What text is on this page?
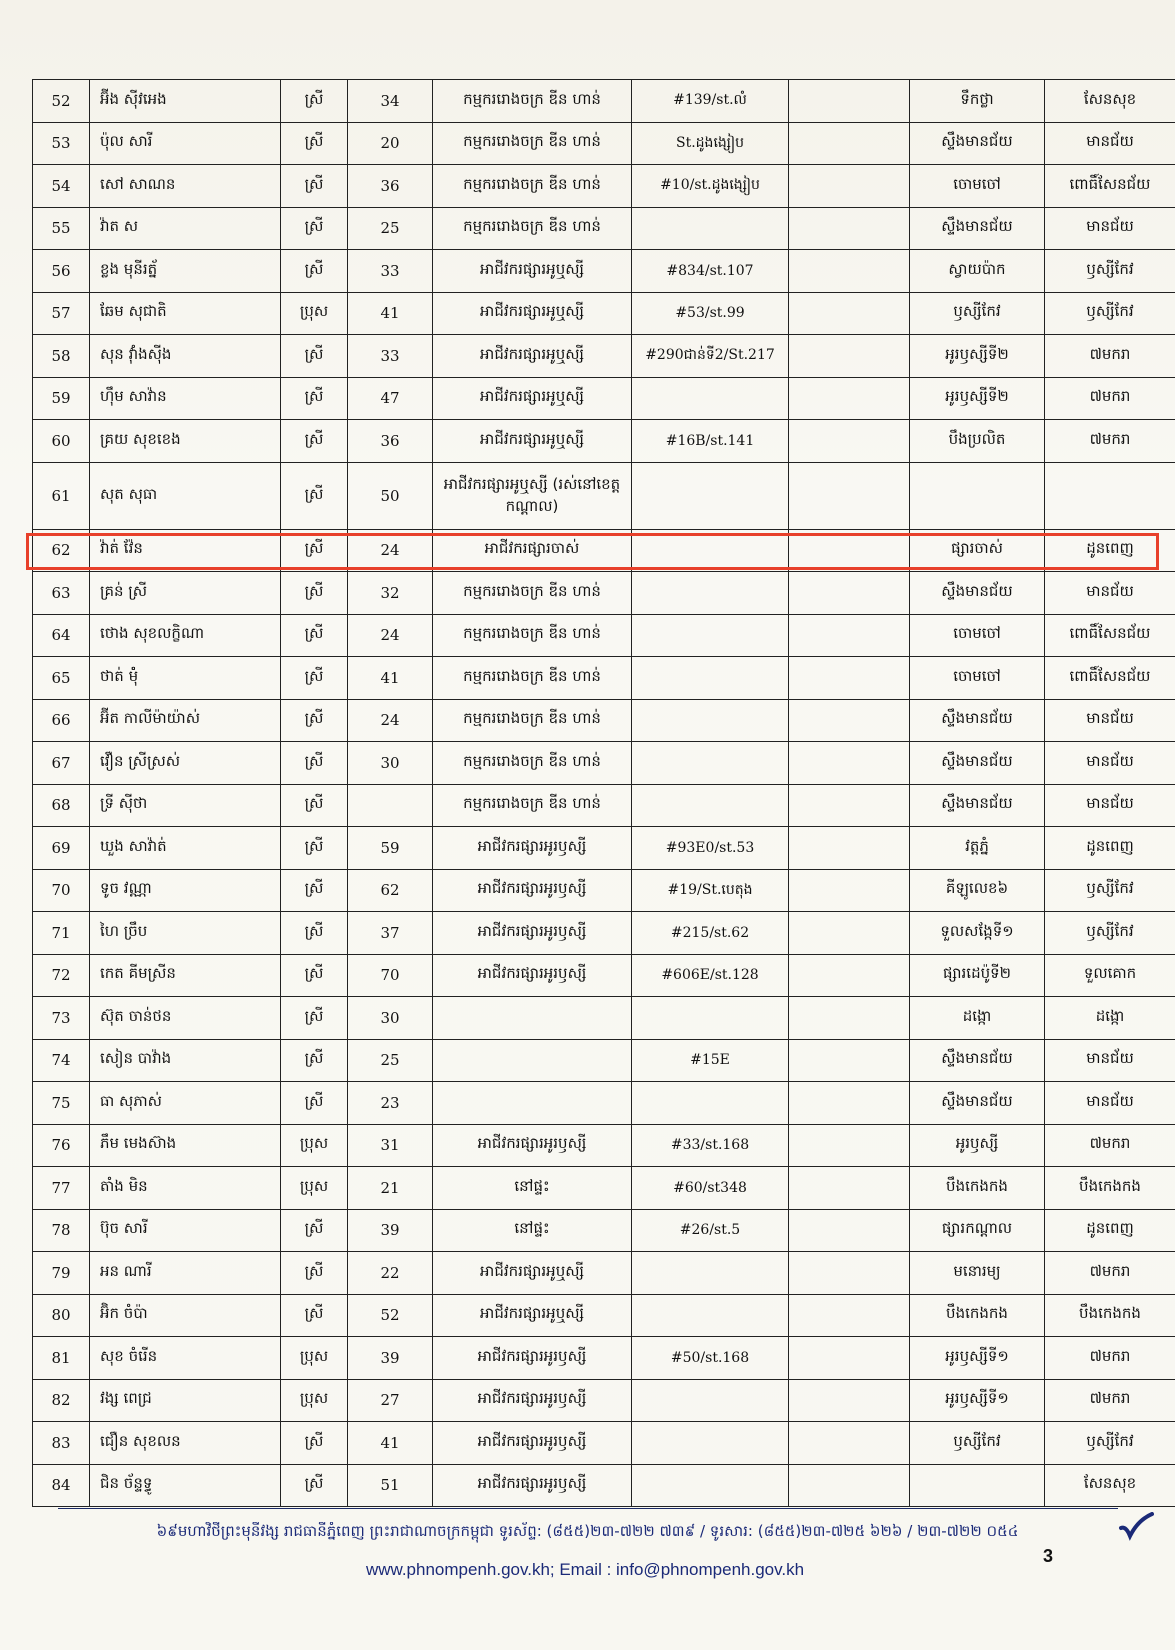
52	អ៊ីង ស៊ីវអេង	ស្រី	34	កម្មកររោងចក្រ ឌីន ហាន់	#139/st.លំ		ទឹកថ្លា	សែនសុខ
53	ប៉ុល សារី	ស្រី	20	កម្មកររោងចក្រ ឌីន ហាន់	St.ដូងង្សៀប		ស្ទឹងមានជ័យ	មានជ័យ
54	សៅ សាណន	ស្រី	36	កម្មកររោងចក្រ ឌីន ហាន់	#10/st.ដូងង្សៀប		ចោមចៅ	ពោធិ៍សែនជ័យ
55	វ៉ាត ស	ស្រី	25	កម្មកររោងចក្រ ឌីន ហាន់			ស្ទឹងមានជ័យ	មានជ័យ
56	ខ្លង មុនីរត្ន័	ស្រី	33	អាជីវករផ្សារអូឬស្សី	#834/st.107		ស្វាយប៉ាក	ឫស្សីកែវ
57	ឆែម សុជាតិ	ប្រុស	41	អាជីវករផ្សារអូឬស្សី	#53/st.99		ឫស្សីកែវ	ឫស្សីកែវ
58	សុន វ៉ាំងស៊ីង	ស្រី	33	អាជីវករផ្សារអូឬស្សី	#290ជាន់ទី2/St.217		អូរឫស្សីទី២	៧មករា
59	ហ៊ឹម សាវ៉ាន	ស្រី	47	អាជីវករផ្សារអូឬស្សី			អូរឫស្សីទី២	៧មករា
60	គ្រយ សុខខេង	ស្រី	36	អាជីវករផ្សារអូឬស្សី	#16B/st.141		បឹងប្រលិត	៧មករា
61	សុត សុធា	ស្រី	50	អាជីវករផ្សារអូឬស្សី (រស់នៅខេត្តកណ្តាល)				
62	វ៉ាត់ វ៉ែន	ស្រី	24	អាជីវករផ្សារចាស់			ផ្សារចាស់	ដូនពេញ
63	គ្រន់ ស្រី	ស្រី	32	កម្មកររោងចក្រ ឌីន ហាន់			ស្ទឹងមានជ័យ	មានជ័យ
64	ថោង សុខលក្ខិណា	ស្រី	24	កម្មកររោងចក្រ ឌីន ហាន់			ចោមចៅ	ពោធិ៍សែនជ័យ
65	ថាត់ ម៉ុំ	ស្រី	41	កម្មកររោងចក្រ ឌីន ហាន់			ចោមចៅ	ពោធិ៍សែនជ័យ
66	អ៊ីត កាលីម៉ាយ៉ាស់	ស្រី	24	កម្មកររោងចក្រ ឌីន ហាន់			ស្ទឹងមានជ័យ	មានជ័យ
67	វឿន ស្រីស្រស់	ស្រី	30	កម្មកររោងចក្រ ឌីន ហាន់			ស្ទឹងមានជ័យ	មានជ័យ
68	ទ្រី ស៊ីថា	ស្រី		កម្មកររោងចក្រ ឌីន ហាន់			ស្ទឹងមានជ័យ	មានជ័យ
69	ឃួង សាវ៉ាត់	ស្រី	59	អាជីវករផ្សារអូរឫស្សី	#93E0/st.53		វត្តភ្នំ	ដូនពេញ
70	ទូច វណ្ណា	ស្រី	62	អាជីវករផ្សារអូរឫស្សី	#19/St.បេតុង		គីឡូលេខ៦	ឫស្សីកែវ
71	ហៃ ច្រឹប	ស្រី	37	អាជីវករផ្សារអូរឫស្សី	#215/st.62		ទួលសង្កែទី១	ឫស្សីកែវ
72	កេត គីមស្រីន	ស្រី	70	អាជីវករផ្សារអូរឫស្សី	#606E/st.128		ផ្សារដេប៉ូទី២	ទួលគោក
73	ស៊ុត ចាន់ថន	ស្រី	30				ដង្កោ	ដង្កោ
74	សៀន បាវ៉ាង	ស្រី	25		#15E		ស្ទឹងមានជ័យ	មានជ័យ
75	ធា សុភាស់	ស្រី	23				ស្ទឹងមានជ័យ	មានជ័យ
76	ភឹម មេងស៊ាង	ប្រុស	31	អាជីវករផ្សារអូរឫស្សី	#33/st.168		អូរឫស្សី	៧មករា
77	តាំង មិន	ប្រុស	21	នៅផ្ទះ	#60/st348		បឹងកេងកង	បឹងកេងកង
78	ប៊ុច សារី	ស្រី	39	នៅផ្ទះ	#26/st.5		ផ្សារកណ្ដាល	ដូនពេញ
79	អន ណារី	ស្រី	22	អាជីវករផ្សារអូឬស្សី			មនោរម្យ	៧មករា
80	អ៊ិក ចំប៉ា	ស្រី	52	អាជីវករផ្សារអូឬស្សី			បឹងកេងកង	បឹងកេងកង
81	សុខ ចំរើន	ប្រុស	39	អាជីវករផ្សារអូរឫស្សី	#50/st.168		អូរឫស្សីទី១	៧មករា
82	វង្ស ពេជ្រ	ប្រុស	27	អាជីវករផ្សារអូរឫស្សី			អូរឫស្សីទី១	៧មករា
83	ជឿន សុខលន	ស្រី	41	អាជីវករផ្សារអូរឫស្សី			ឫស្សីកែវ	ឫស្សីកែវ
84	ជិន ច័ន្ទទ្ធូ	ស្រី	51	អាជីវករផ្សារអូរឫស្សី				សែនសុខ
៦៩មហាវិថីព្រះមុនីវង្ស រាជធានីភ្នំពេញ ព្រះរាជាណាចក្រកម្ពុជា ទូរស័ព្ទ: (៨៥៥)២៣-៧២២ ៧៣៩ / ទូរសារ: (៨៥៥)២៣-៧២៥ ៦២៦ / ២៣-៧២២ ០៥៤
www.phnompenh.gov.kh; Email : info@phnompenh.gov.kh
3
